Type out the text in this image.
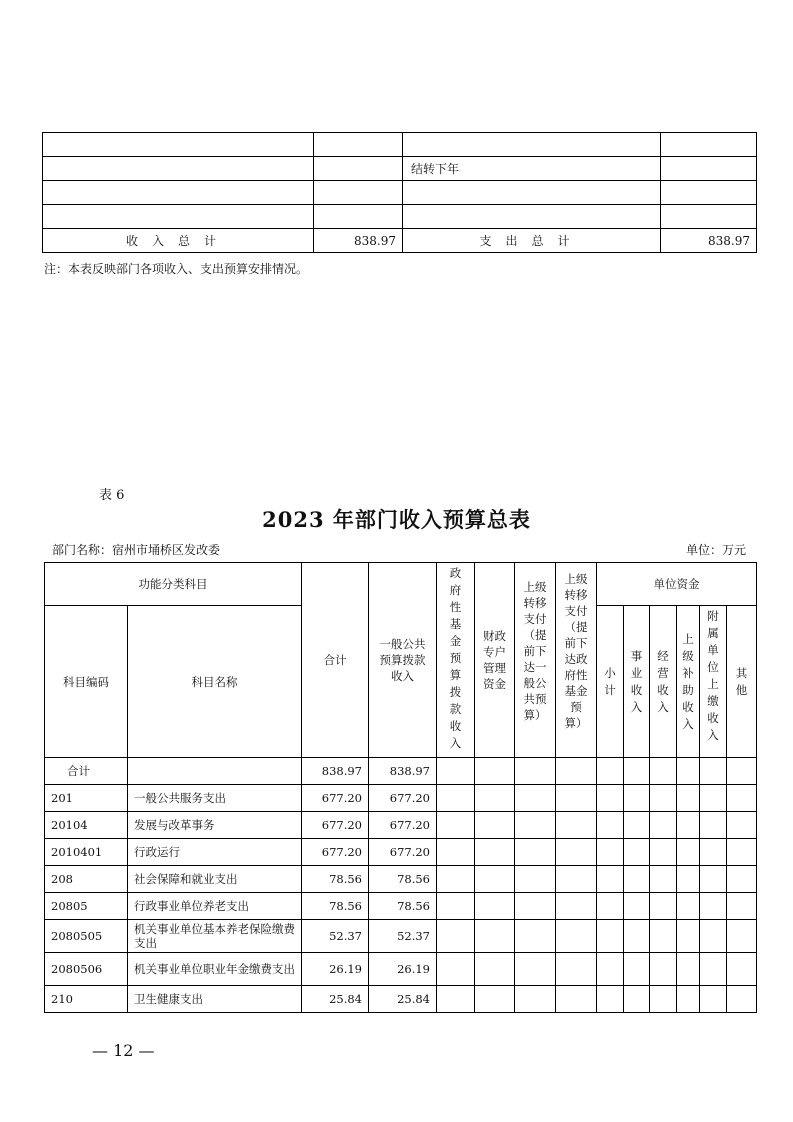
		结转下年	

收入总计	838.97	支出总计	838.97
注：本表反映部门各项收入、支出预算安排情况。
表 6
2023 年部门收入预算总表
部门名称：宿州市埇桥区发改委	单位：万元
功能分类科目		合计	一般公共预算拨款收入	政府性基金预算拨款收入	财政专户管理资金	上级转移支付（提前下达一般公共预算）	上级转移支付（提前下达政府性基金预算）	单位资金					
科目编码	科目名称							小计	事业收入	经营收入	上级补助收入	附属单位上缴收入	其他
合计		838.97	838.97										
201	一般公共服务支出	677.20	677.20										
20104	发展与改革事务	677.20	677.20										
2010401	行政运行	677.20	677.20										
208	社会保障和就业支出	78.56	78.56										
20805	行政事业单位养老支出	78.56	78.56										
2080505	机关事业单位基本养老保险缴费支出	52.37	52.37										
2080506	机关事业单位职业年金缴费支出	26.19	26.19										
210	卫生健康支出	25.84	25.84										
— 12 —
